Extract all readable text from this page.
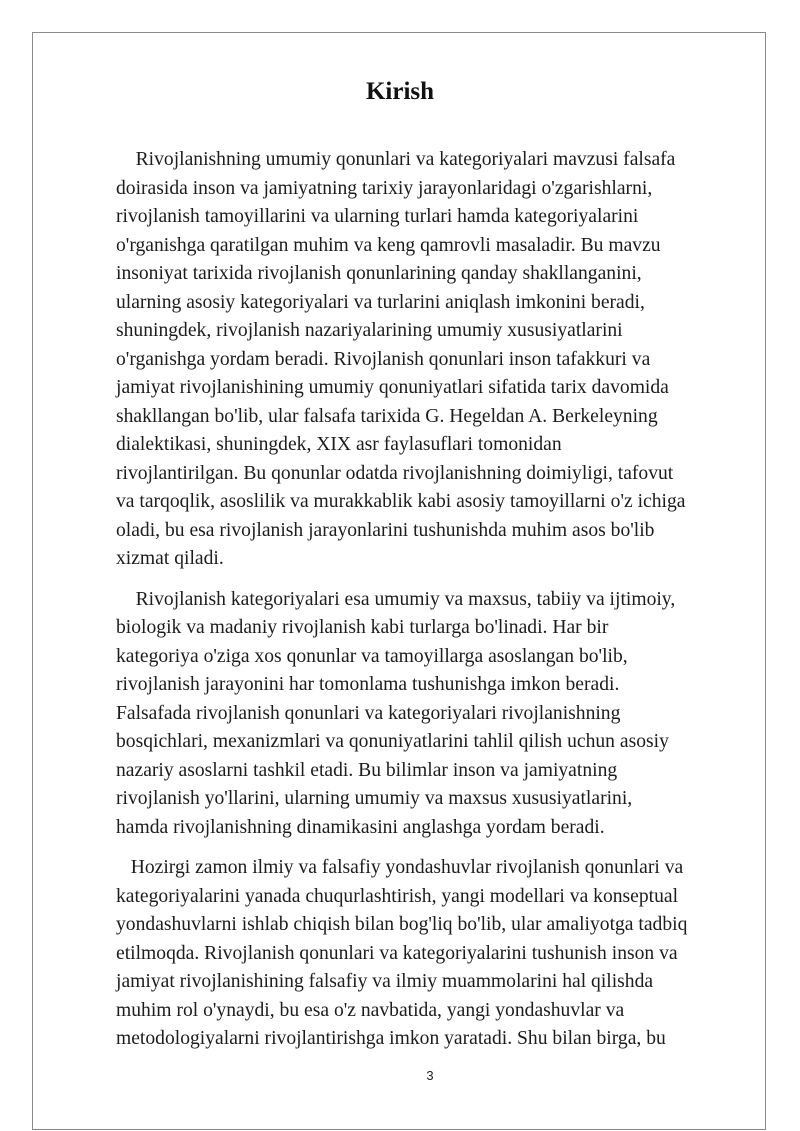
Kirish

Rivojlanishning umumiy qonunlari va kategoriyalari mavzusi falsafa
doirasida inson va jamiyatning tarixiy jarayonlaridagi o'zgarishlarni,
rivojlanish tamoyillarini va ularning turlari hamda kategoriyalarini
o'rganishga qaratilgan muhim va keng qamrovli masaladir. Bu mavzu
insoniyat tarixida rivojlanish qonunlarining qanday shakllanganini,
ularning asosiy kategoriyalari va turlarini aniqlash imkonini beradi,
shuningdek, rivojlanish nazariyalarining umumiy xususiyatlarini
o'rganishga yordam beradi. Rivojlanish qonunlari inson tafakkuri va
jamiyat rivojlanishining umumiy qonuniyatlari sifatida tarix davomida
shakllangan bo'lib, ular falsafa tarixida G. Hegeldan A. Berkeleyning
dialektikasi, shuningdek, XIX asr faylasuflari tomonidan
rivojlantirilgan. Bu qonunlar odatda rivojlanishning doimiyligi, tafovut
va tarqoqlik, asoslilik va murakkablik kabi asosiy tamoyillarni o'z ichiga
oladi, bu esa rivojlanish jarayonlarini tushunishda muhim asos bo'lib
xizmat qiladi.

Rivojlanish kategoriyalari esa umumiy va maxsus, tabiiy va ijtimoiy,
biologik va madaniy rivojlanish kabi turlarga bo'linadi. Har bir
kategoriya o'ziga xos qonunlar va tamoyillarga asoslangan bo'lib,
rivojlanish jarayonini har tomonlama tushunishga imkon beradi.
Falsafada rivojlanish qonunlari va kategoriyalari rivojlanishning
bosqichlari, mexanizmlari va qonuniyatlarini tahlil qilish uchun asosiy
nazariy asoslarni tashkil etadi. Bu bilimlar inson va jamiyatning
rivojlanish yo'llarini, ularning umumiy va maxsus xususiyatlarini,
hamda rivojlanishning dinamikasini anglashga yordam beradi.

Hozirgi zamon ilmiy va falsafiy yondashuvlar rivojlanish qonunlari va
kategoriyalarini yanada chuqurlashtirish, yangi modellari va konseptual
yondashuvlarni ishlab chiqish bilan bog'liq bo'lib, ular amaliyotga tadbiq
etilmoqda. Rivojlanish qonunlari va kategoriyalarini tushunish inson va
jamiyat rivojlanishining falsafiy va ilmiy muammolarini hal qilishda
muhim rol o'ynaydi, bu esa o'z navbatida, yangi yondashuvlar va
metodologiyalarni rivojlantirishga imkon yaratadi. Shu bilan birga, bu

3
